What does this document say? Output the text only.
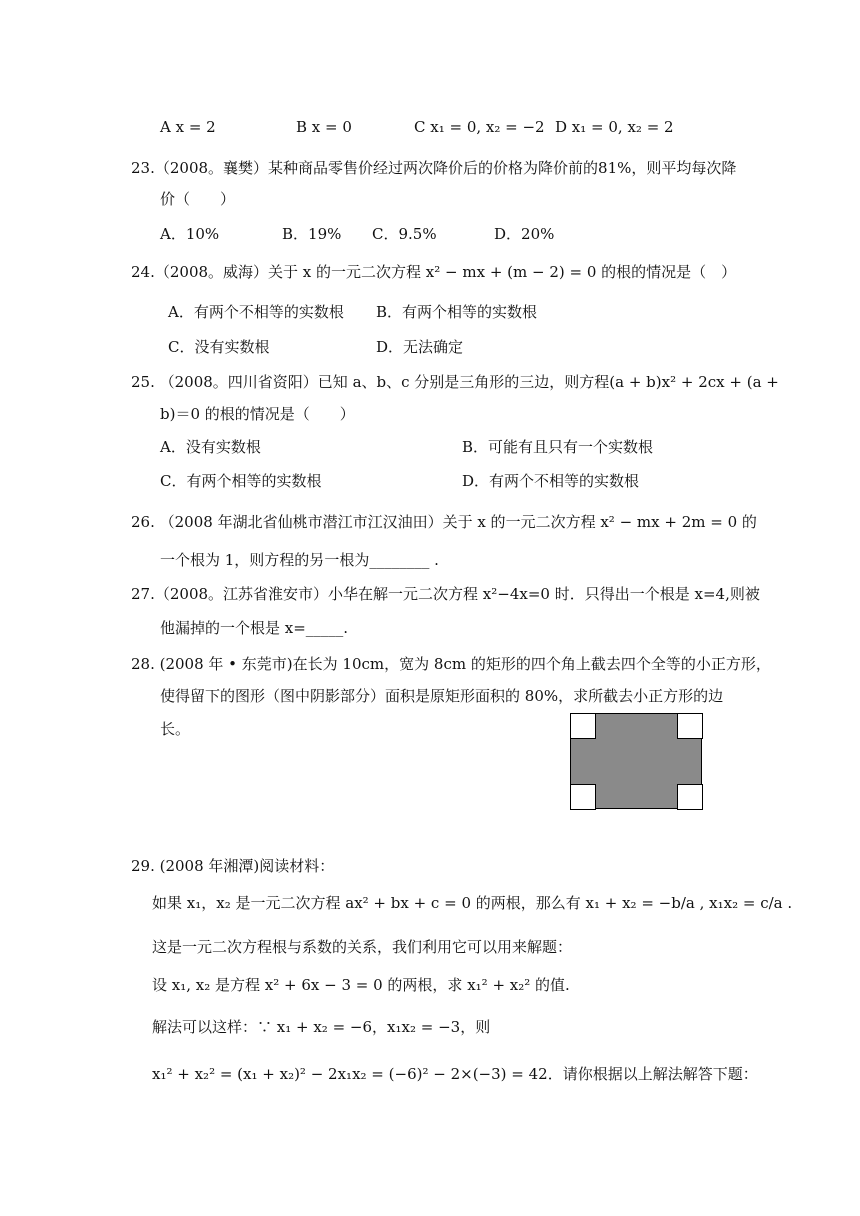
A x = 2	B x = 0	C x₁ = 0, x₂ = −2 D x₁ = 0, x₂ = 2
23.（2008。襄樊）某种商品零售价经过两次降价后的价格为降价前的81%，则平均每次降
价（　　）
A．10%	B．19% C．9.5%	D．20%
24.（2008。威海）关于 x 的一元二次方程 x² − mx + (m − 2) = 0 的根的情况是（　）
A．有两个不相等的实数根 B．有两个相等的实数根
C．没有实数根	D．无法确定
25. （2008。四川省资阳）已知 a、b、c 分别是三角形的三边，则方程(a + b)x² + 2cx + (a +
b)＝0 的根的情况是（　　）
A．没有实数根	B．可能有且只有一个实数根
C．有两个相等的实数根	D．有两个不相等的实数根
26. （2008 年湖北省仙桃市潜江市江汉油田）关于 x 的一元二次方程 x² − mx + 2m = 0 的
一个根为 1，则方程的另一根为________ .
27.（2008。江苏省淮安市）小华在解一元二次方程 x²−4x=0 时．只得出一个根是 x=4,则被
他漏掉的一个根是 x=_____.
28. (2008 年 • 东莞市)在长为 10cm，宽为 8cm 的矩形的四个角上截去四个全等的小正方形，
使得留下的图形（图中阴影部分）面积是原矩形面积的 80%，求所截去小正方形的边
长。
29. (2008 年湘潭)阅读材料：
如果 x₁，x₂ 是一元二次方程 ax² + bx + c = 0 的两根，那么有 x₁ + x₂ = −b/a , x₁x₂ = c/a .
这是一元二次方程根与系数的关系，我们利用它可以用来解题：
设 x₁, x₂ 是方程 x² + 6x − 3 = 0 的两根，求 x₁² + x₂² 的值.
解法可以这样：∵ x₁ + x₂ = −6，x₁x₂ = −3，则
x₁² + x₂² = (x₁ + x₂)² − 2x₁x₂ = (−6)² − 2×(−3) = 42．请你根据以上解法解答下题：
